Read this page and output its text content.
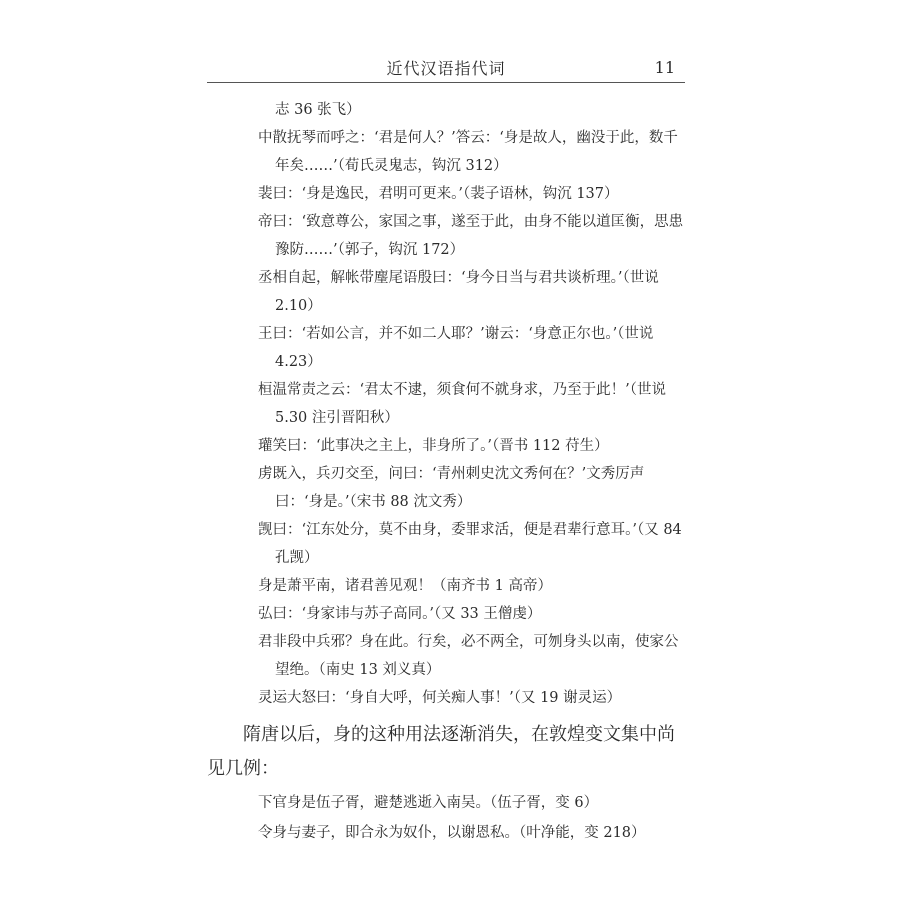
近代汉语指代词	11

志 36 张飞）

中散抚琴而呼之：‘君是何人？’答云：‘身是故人，幽没于此，数千年矣……’（荀氏灵鬼志，钩沉 312）

裴曰：‘身是逸民，君明可更来。’（裴子语林，钩沉 137）

帝曰：‘致意尊公，家国之事，遂至于此，由身不能以道匡衡，思患豫防……’（郭子，钩沉 172）

丞相自起，解帐带麈尾语殷曰：‘身今日当与君共谈析理。’（世说 2.10）

王曰：‘若如公言，并不如二人耶？’谢云：‘身意正尔也。’（世说 4.23）

桓温常责之云：‘君太不逮，须食何不就身求，乃至于此！’（世说 5.30 注引晋阳秋）

瓘笑曰：‘此事决之主上，非身所了。’（晋书 112 苻生）

虏既入，兵刃交至，问曰：‘青州刺史沈文秀何在？’文秀厉声曰：‘身是。’（宋书 88 沈文秀）

觊曰：‘江东处分，莫不由身，委罪求活，便是君辈行意耳。’（又 84 孔觊）

身是萧平南，诸君善见观！（南齐书 1 高帝）

弘曰：‘身家讳与苏子高同。’（又 33 王僧虔）

君非段中兵邪？身在此。行矣，必不两全，可刎身头以南，使家公望绝。（南史 13 刘义真）

灵运大怒曰：‘身自大呼，何关痴人事！’（又 19 谢灵运）

隋唐以后，身的这种用法逐渐消失，在敦煌变文集中尚见几例：

下官身是伍子胥，避楚逃逝入南吴。（伍子胥，变 6）

令身与妻子，即合永为奴仆，以谢恩私。（叶净能，变 218）
